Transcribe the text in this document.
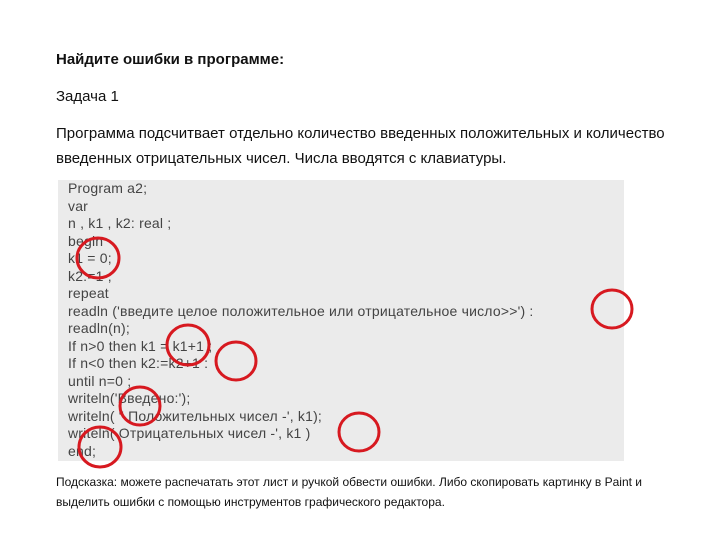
Найдите ошибки в программе:
Задача 1
Программа подсчитвает отдельно количество введенных положительных и количество введенных отрицательных чисел. Числа вводятся с клавиатуры.
Program a2;
var
n , k1 , k2: real ;
begin
k1 = 0;
k2:=1 ;
repeat
readln ('введите целое положительное или отрицательное число>>') :
readln(n);
If n>0 then k1 = k1+1 ;
If n<0 then k2:=k2+1 :
until n=0 ;
writeln('Введено:');
writeln( " Положительных чисел -', k1);
writeln( Отрицательных чисел -', k1 )
end;
Подсказка: можете распечатать этот лист и ручкой обвести ошибки. Либо скопировать картинку в Paint и выделить ошибки с помощью инструментов графического редактора.
